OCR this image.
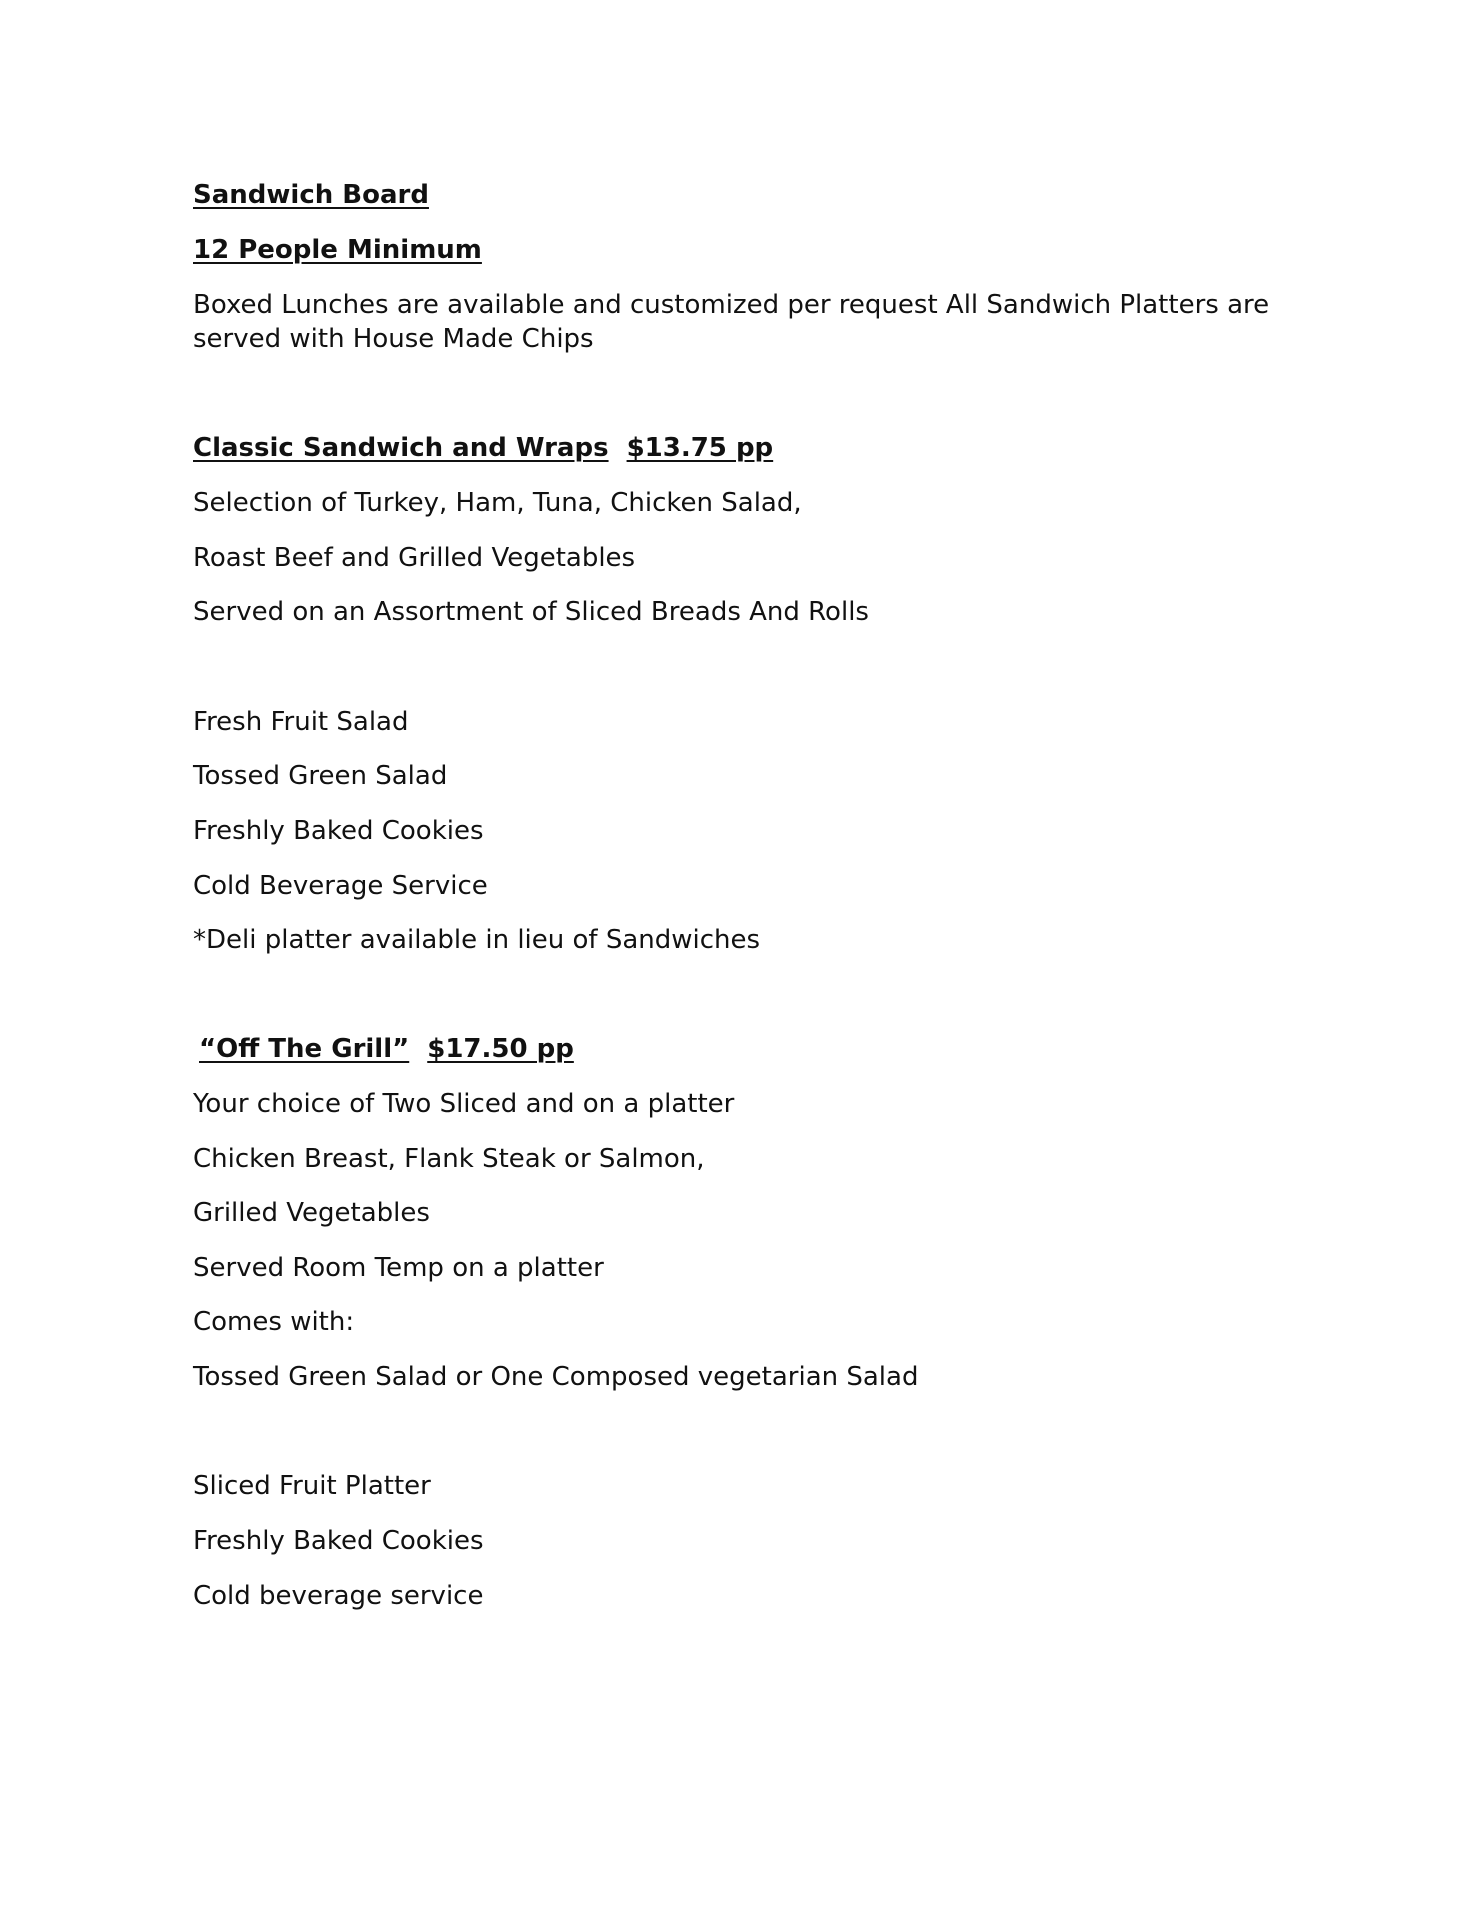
Sandwich Board
12 People Minimum
Boxed Lunches are available and customized per request All Sandwich Platters are served with House Made Chips
Classic Sandwich and Wraps $13.75 pp
Selection of Turkey, Ham, Tuna, Chicken Salad,
Roast Beef and Grilled Vegetables
Served on an Assortment of Sliced Breads And Rolls
Fresh Fruit Salad
Tossed Green Salad
Freshly Baked Cookies
Cold Beverage Service
*Deli platter available in lieu of Sandwiches
“Off The Grill” $17.50 pp
Your choice of Two Sliced and on a platter
Chicken Breast, Flank Steak or Salmon,
Grilled Vegetables
Served Room Temp on a platter
Comes with:
Tossed Green Salad or One Composed vegetarian Salad
Sliced Fruit Platter
Freshly Baked Cookies
Cold beverage service
